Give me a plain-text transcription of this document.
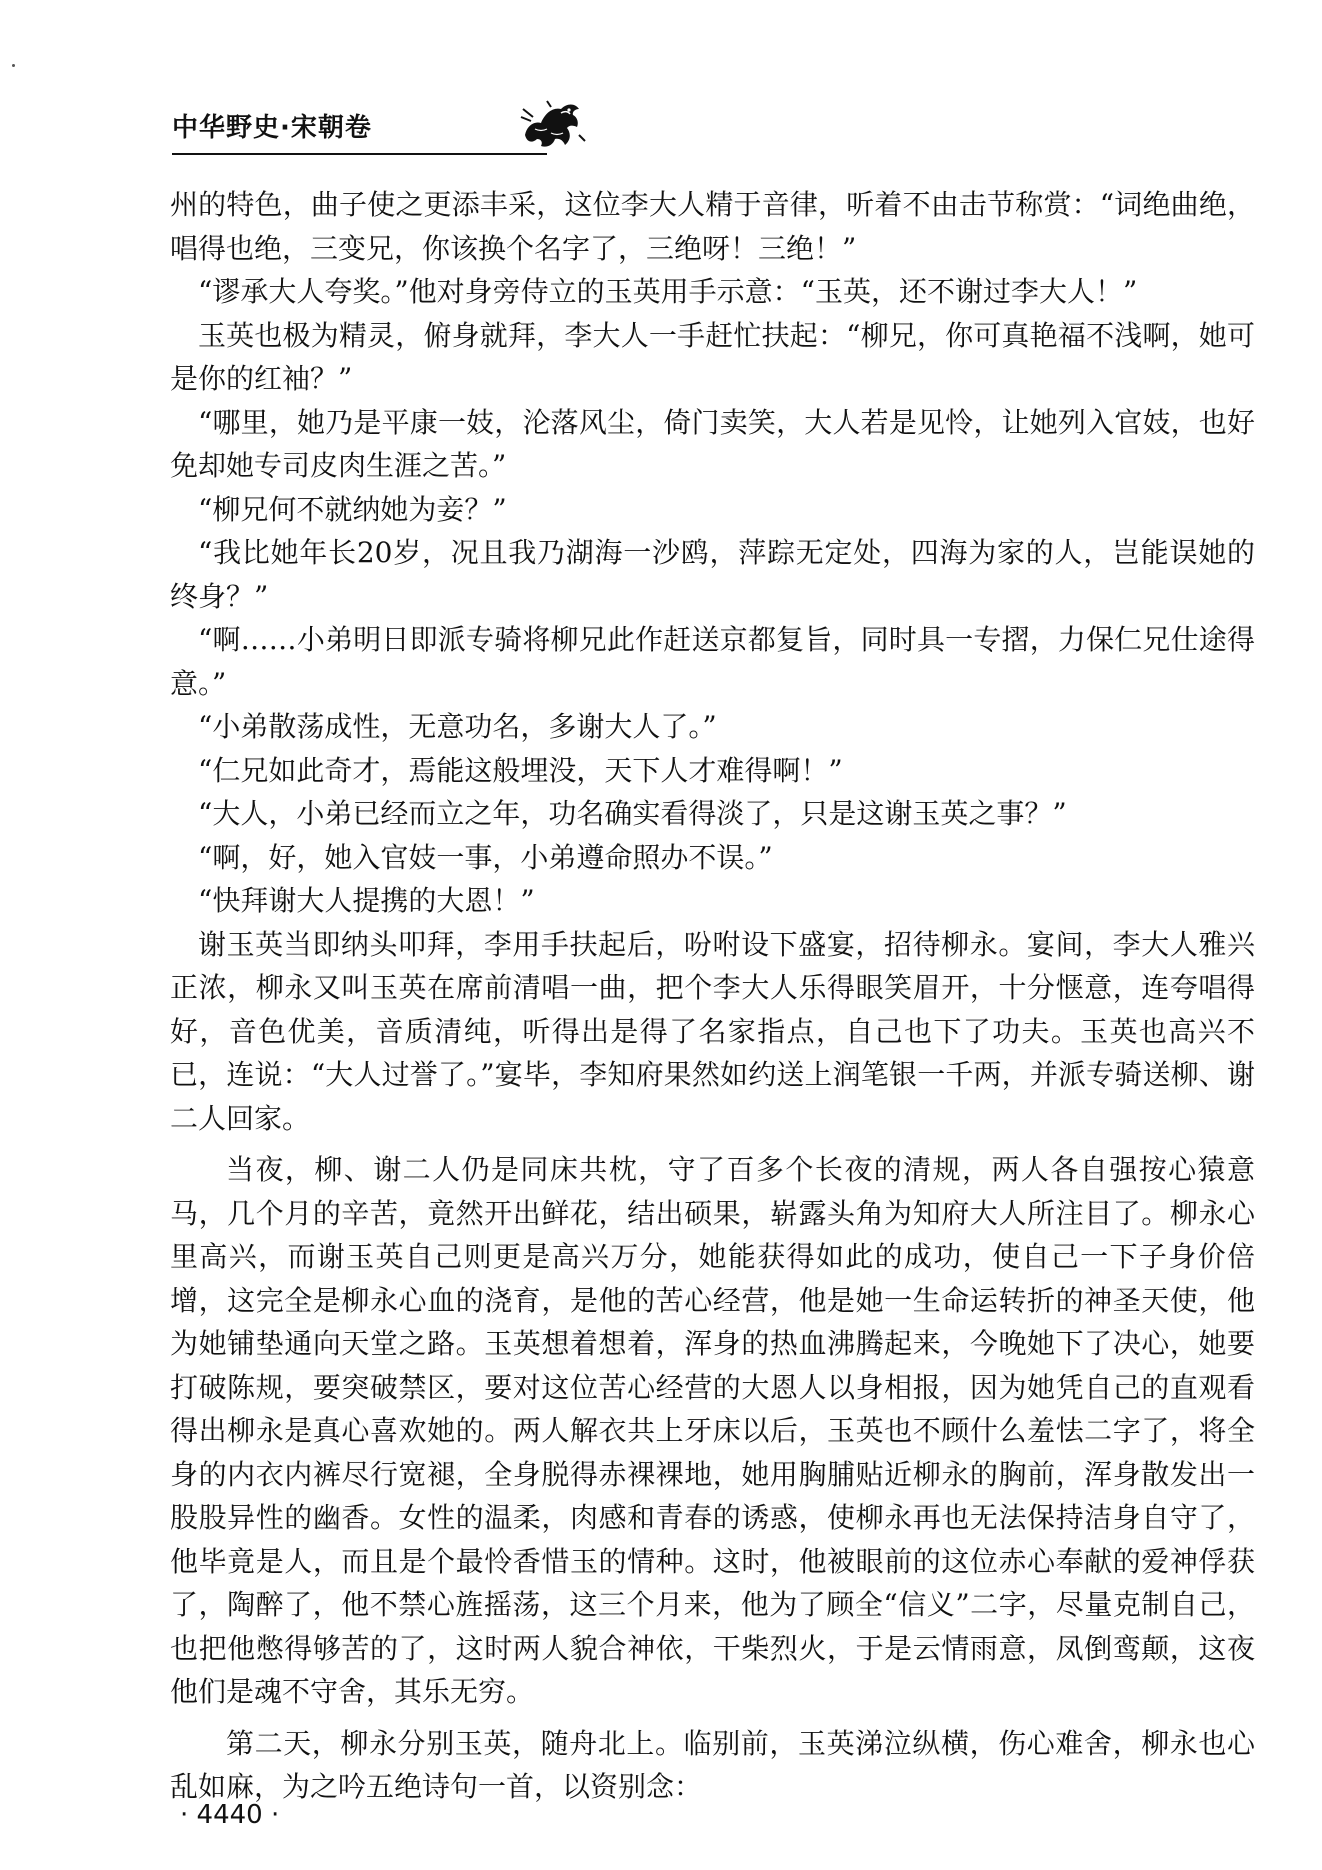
中华野史·宋朝卷

州的特色，曲子使之更添丰采，这位李大人精于音律，听着不由击节称赏：“词绝曲绝，唱得也绝，三变兄，你该换个名字了，三绝呀！三绝！”

“谬承大人夸奖。”他对身旁侍立的玉英用手示意：“玉英，还不谢过李大人！”

玉英也极为精灵，俯身就拜，李大人一手赶忙扶起：“柳兄，你可真艳福不浅啊，她可是你的红袖？”

“哪里，她乃是平康一妓，沦落风尘，倚门卖笑，大人若是见怜，让她列入官妓，也好免却她专司皮肉生涯之苦。”

“柳兄何不就纳她为妾？”

“我比她年长20岁，况且我乃湖海一沙鸥，萍踪无定处，四海为家的人，岂能误她的终身？”

“啊……小弟明日即派专骑将柳兄此作赶送京都复旨，同时具一专摺，力保仁兄仕途得意。”

“小弟散荡成性，无意功名，多谢大人了。”

“仁兄如此奇才，焉能这般埋没，天下人才难得啊！”

“大人，小弟已经而立之年，功名确实看得淡了，只是这谢玉英之事？”

“啊，好，她入官妓一事，小弟遵命照办不误。”

“快拜谢大人提携的大恩！”

谢玉英当即纳头叩拜，李用手扶起后，吩咐设下盛宴，招待柳永。宴间，李大人雅兴正浓，柳永又叫玉英在席前清唱一曲，把个李大人乐得眼笑眉开，十分惬意，连夸唱得好，音色优美，音质清纯，听得出是得了名家指点，自己也下了功夫。玉英也高兴不已，连说：“大人过誉了。”宴毕，李知府果然如约送上润笔银一千两，并派专骑送柳、谢二人回家。

当夜，柳、谢二人仍是同床共枕，守了百多个长夜的清规，两人各自强按心猿意马，几个月的辛苦，竟然开出鲜花，结出硕果，崭露头角为知府大人所注目了。柳永心里高兴，而谢玉英自己则更是高兴万分，她能获得如此的成功，使自己一下子身价倍增，这完全是柳永心血的浇育，是他的苦心经营，他是她一生命运转折的神圣天使，他为她铺垫通向天堂之路。玉英想着想着，浑身的热血沸腾起来，今晚她下了决心，她要打破陈规，要突破禁区，要对这位苦心经营的大恩人以身相报，因为她凭自己的直观看得出柳永是真心喜欢她的。两人解衣共上牙床以后，玉英也不顾什么羞怯二字了，将全身的内衣内裤尽行宽褪，全身脱得赤裸裸地，她用胸脯贴近柳永的胸前，浑身散发出一股股异性的幽香。女性的温柔，肉感和青春的诱惑，使柳永再也无法保持洁身自守了，他毕竟是人，而且是个最怜香惜玉的情种。这时，他被眼前的这位赤心奉献的爱神俘获了，陶醉了，他不禁心旌摇荡，这三个月来，他为了顾全“信义”二字，尽量克制自己，也把他憋得够苦的了，这时两人貌合神依，干柴烈火，于是云情雨意，凤倒鸾颠，这夜他们是魂不守舍，其乐无穷。

第二天，柳永分别玉英，随舟北上。临别前，玉英涕泣纵横，伤心难舍，柳永也心乱如麻，为之吟五绝诗句一首，以资别念：

· 4440 ·
